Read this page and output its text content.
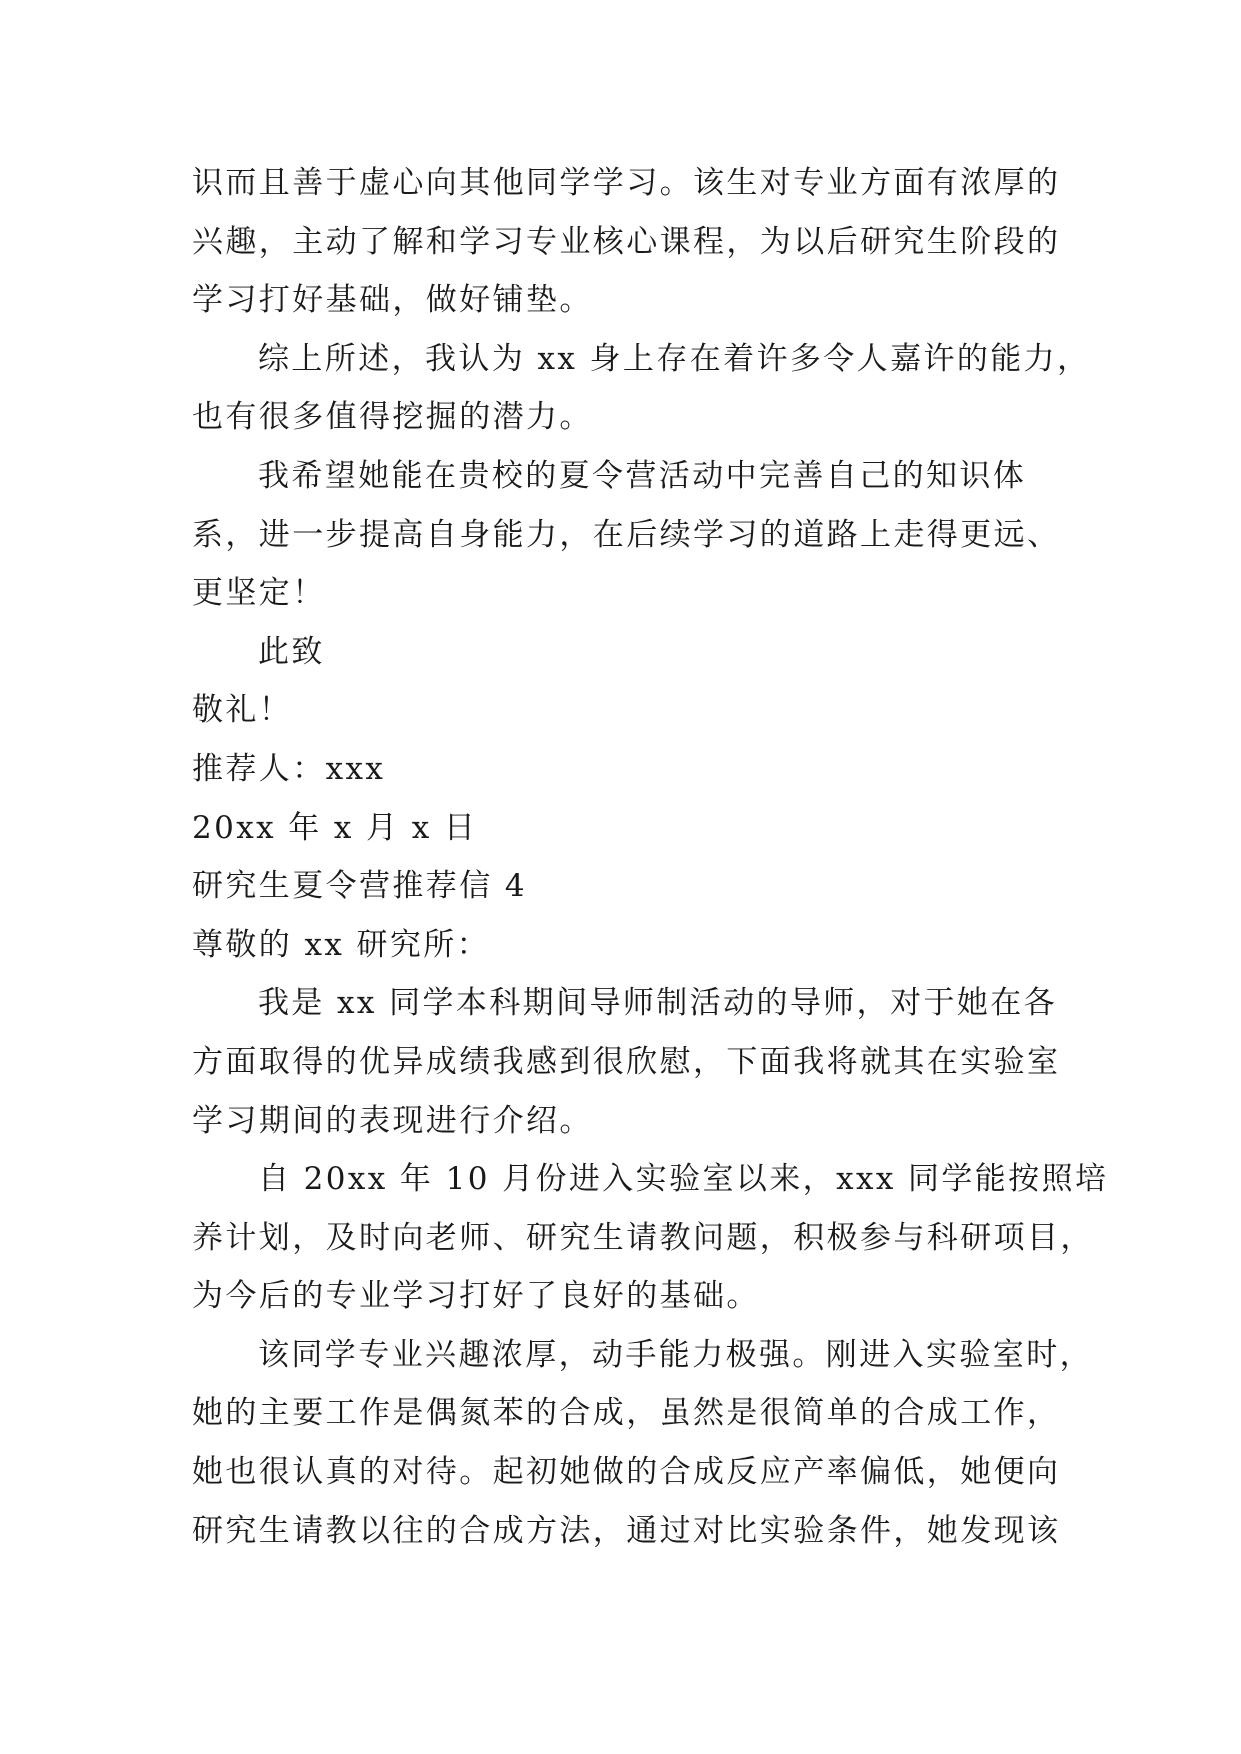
识而且善于虚心向其他同学学习。该生对专业方面有浓厚的
兴趣，主动了解和学习专业核心课程，为以后研究生阶段的
学习打好基础，做好铺垫。
综上所述，我认为 xx 身上存在着许多令人嘉许的能力，
也有很多值得挖掘的潜力。
我希望她能在贵校的夏令营活动中完善自己的知识体
系，进一步提高自身能力，在后续学习的道路上走得更远、
更坚定！
此致
敬礼！
推荐人：xxx
20xx 年 x 月 x 日
研究生夏令营推荐信 4
尊敬的 xx 研究所：
我是 xx 同学本科期间导师制活动的导师，对于她在各
方面取得的优异成绩我感到很欣慰，下面我将就其在实验室
学习期间的表现进行介绍。
自 20xx 年 10 月份进入实验室以来，xxx 同学能按照培
养计划，及时向老师、研究生请教问题，积极参与科研项目，
为今后的专业学习打好了良好的基础。
该同学专业兴趣浓厚，动手能力极强。刚进入实验室时，
她的主要工作是偶氮苯的合成，虽然是很简单的合成工作，
她也很认真的对待。起初她做的合成反应产率偏低，她便向
研究生请教以往的合成方法，通过对比实验条件，她发现该
